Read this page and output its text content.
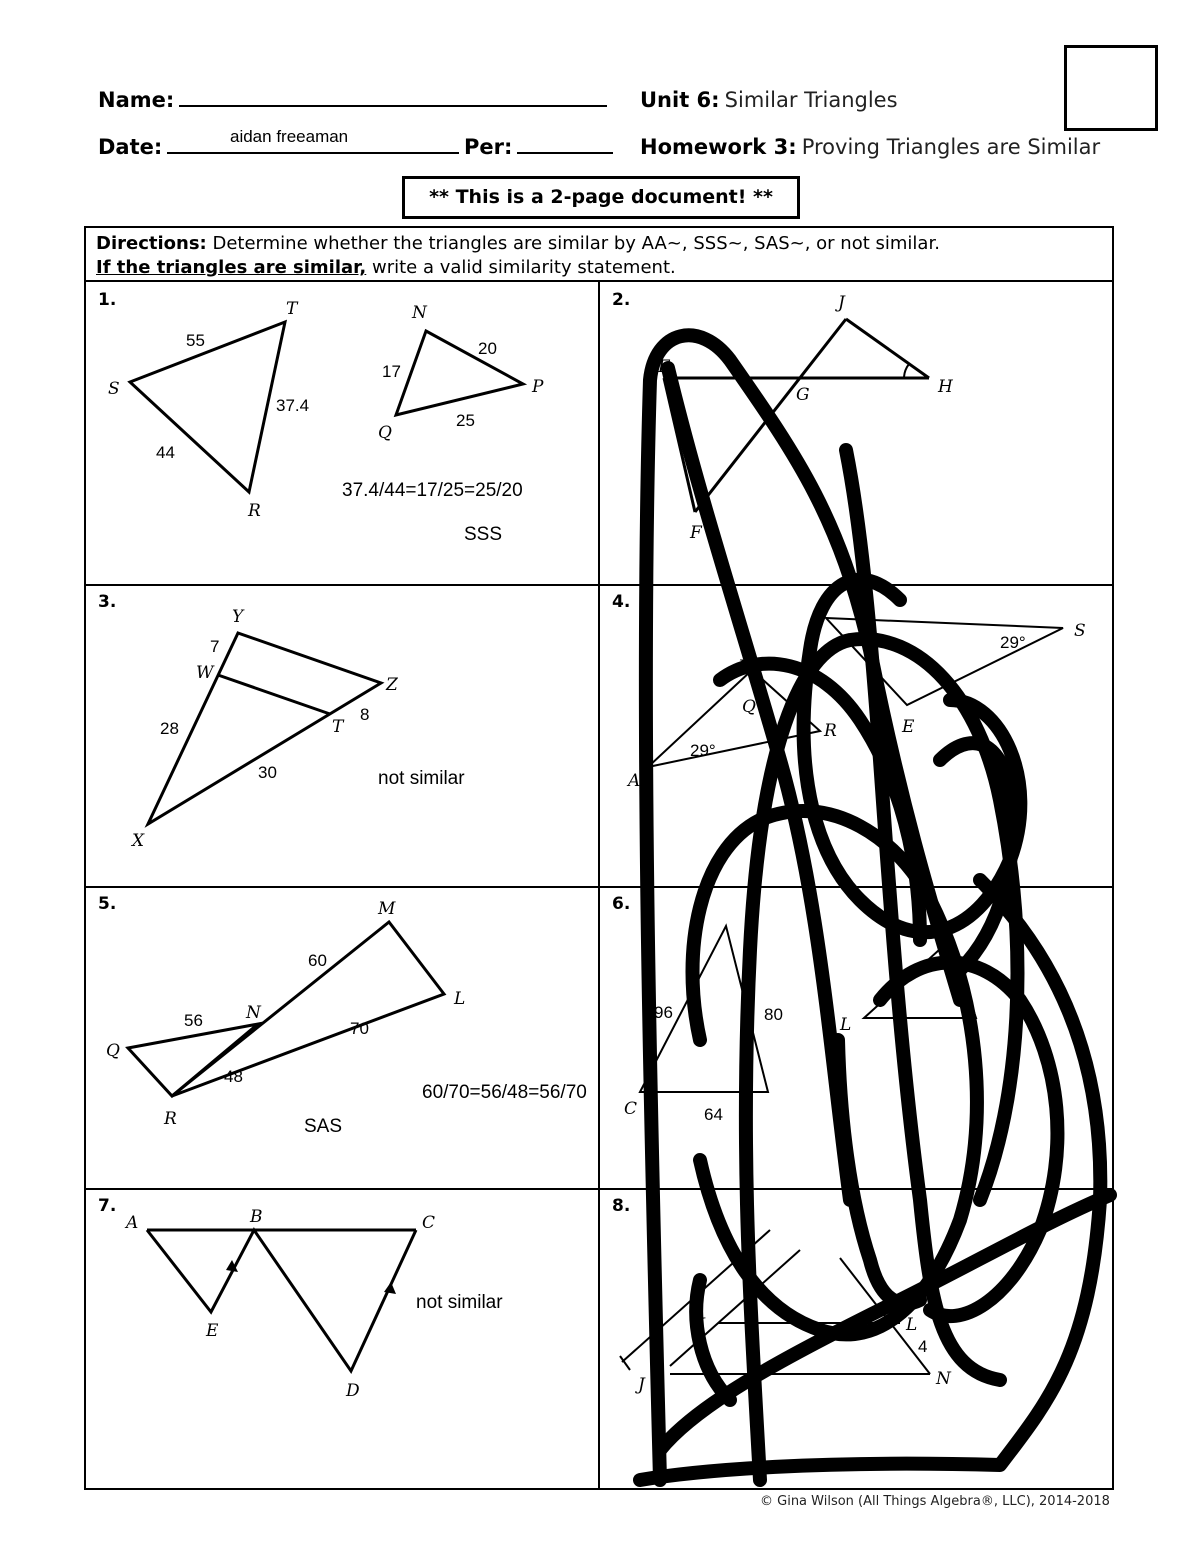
Name:
Date:	aidan freeaman	Per:
Unit 6: Similar Triangles
Homework 3: Proving Triangles are Similar
** This is a 2-page document! **
Directions: Determine whether the triangles are similar by AA~, SSS~, SAS~, or not similar.
If the triangles are similar, write a valid similarity statement.
1.
S
T
R
N
P
Q
55
37.4
44
17
20
25
37.4/44=17/25=25/20
SSS
2.	J
E
G	H
F
3.
Y
W
Z
T
X
7
28
8
30	not similar
4.
S
N
E
A
R
Q
45	29°
29°
5.	M
L
N
Q
R
60
56	70
48
60/70=56/48=56/70
SAS
6.
C
L
96	80
64
7.
A	B	C
E
D
not similar
8.
K
J	N
L
4
© Gina Wilson (All Things Algebra®, LLC), 2014-2018
